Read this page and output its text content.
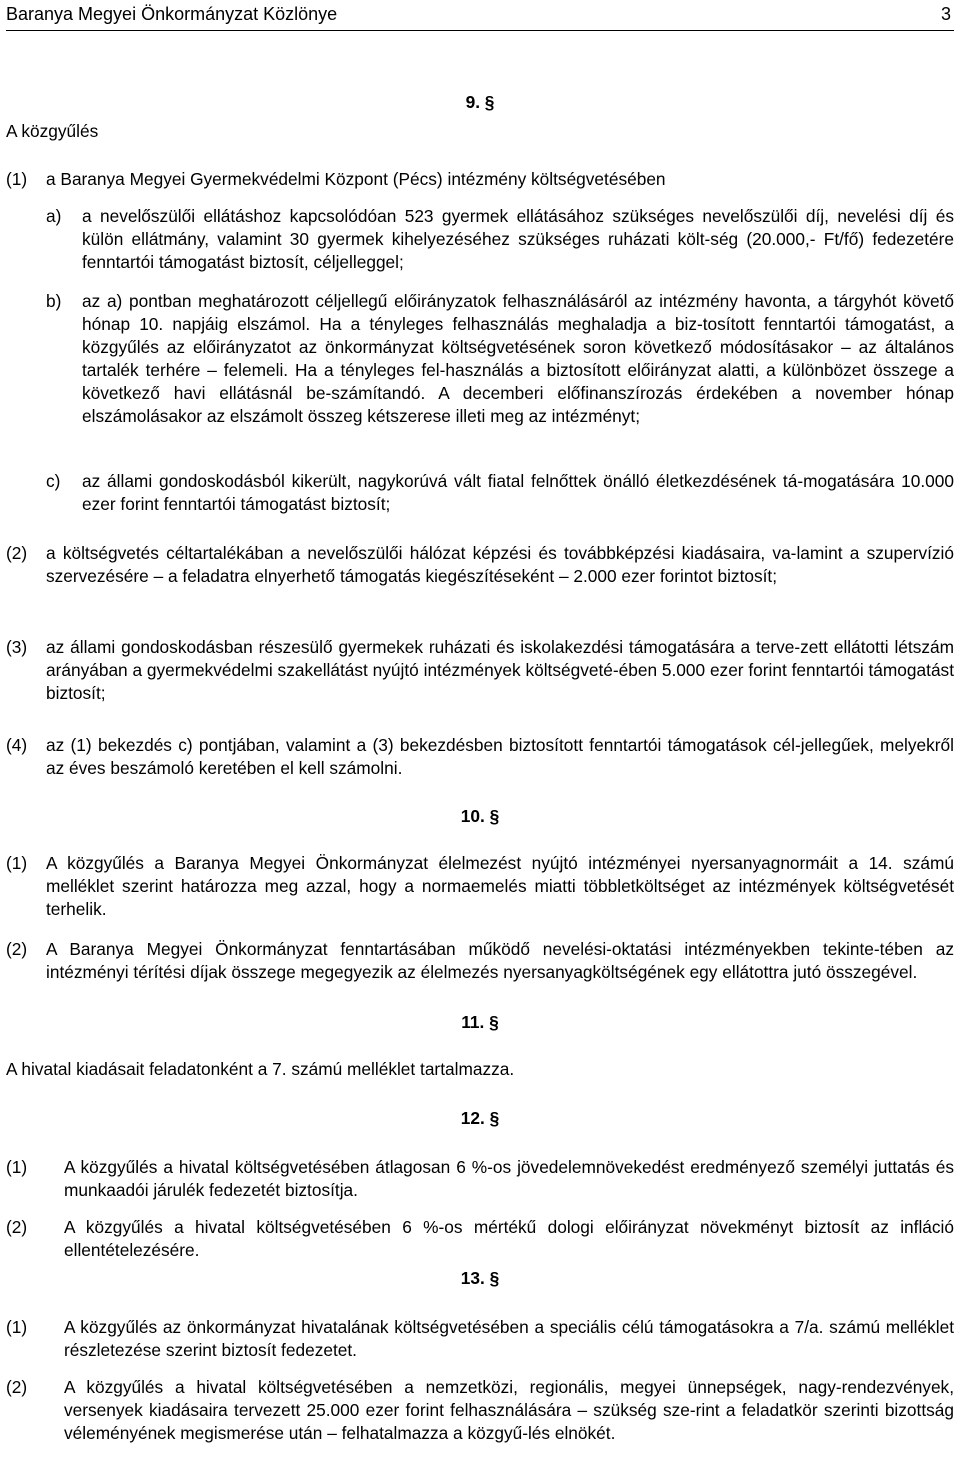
Baranya Megyei Önkormányzat Közlönye	3
9. §
A közgyűlés
(1) a Baranya Megyei Gyermekvédelmi Központ (Pécs) intézmény költségvetésében
a) a nevelőszülői ellátáshoz kapcsolódóan 523 gyermek ellátásához szükséges nevelőszülői díj, nevelési díj és külön ellátmány, valamint 30 gyermek kihelyezéséhez szükséges ruházati költ-ség (20.000,- Ft/fő) fedezetére fenntartói támogatást biztosít, céljelleggel;
b) az a) pontban meghatározott céljellegű előirányzatok felhasználásáról az intézmény havonta, a tárgyhót követő hónap 10. napjáig elszámol. Ha a tényleges felhasználás meghaladja a biz-tosított fenntartói támogatást, a közgyűlés az előirányzatot az önkormányzat költségvetésének soron következő módosításakor – az általános tartalék terhére – felemeli. Ha a tényleges fel-használás a biztosított előirányzat alatti, a különbözet összege a következő havi ellátásnál be-számítandó. A decemberi előfinanszírozás érdekében a november hónap elszámolásakor az elszámolt összeg kétszerese illeti meg az intézményt;
c) az állami gondoskodásból kikerült, nagykorúvá vált fiatal felnőttek önálló életkezdésének tá-mogatására 10.000 ezer forint fenntartói támogatást biztosít;
(2) a költségvetés céltartalékában a nevelőszülői hálózat képzési és továbbképzési kiadásaira, va-lamint a szupervízió szervezésére – a feladatra elnyerhető támogatás kiegészítéseként – 2.000 ezer forintot biztosít;
(3) az állami gondoskodásban részesülő gyermekek ruházati és iskolakezdési támogatására a terve-zett ellátotti létszám arányában a gyermekvédelmi szakellátást nyújtó intézmények költségveté-ében 5.000 ezer forint fenntartói támogatást biztosít;
(4) az (1) bekezdés c) pontjában, valamint a (3) bekezdésben biztosított fenntartói támogatások cél-jellegűek, melyekről az éves beszámoló keretében el kell számolni.
10. §
(1) A közgyűlés a Baranya Megyei Önkormányzat élelmezést nyújtó intézményei nyersanyagnormáit a 14. számú melléklet szerint határozza meg azzal, hogy a normaemelés miatti többletköltséget az intézmények költségvetését terhelik.
(2) A Baranya Megyei Önkormányzat fenntartásában működő nevelési-oktatási intézményekben tekinte-tében az intézményi térítési díjak összege megegyezik az élelmezés nyersanyagköltségének egy ellátottra jutó összegével.
11. §
A hivatal kiadásait feladatonként a 7. számú melléklet tartalmazza.
12. §
(1) A közgyűlés a hivatal költségvetésében átlagosan 6 %-os jövedelemnövekedést eredményező személyi juttatás és munkaadói járulék fedezetét biztosítja.
(2) A közgyűlés a hivatal költségvetésében 6 %-os mértékű dologi előirányzat növekményt biztosít az infláció ellentételezésére.
13. §
(1) A közgyűlés az önkormányzat hivatalának költségvetésében a speciális célú támogatásokra a 7/a. számú melléklet részletezése szerint biztosít fedezetet.
(2) A közgyűlés a hivatal költségvetésében a nemzetközi, regionális, megyei ünnepségek, nagy-rendezvények, versenyek kiadásaira tervezett 25.000 ezer forint felhasználására – szükség sze-rint a feladatkör szerinti bizottság véleményének megismerése után – felhatalmazza a közgyű-lés elnökét.
